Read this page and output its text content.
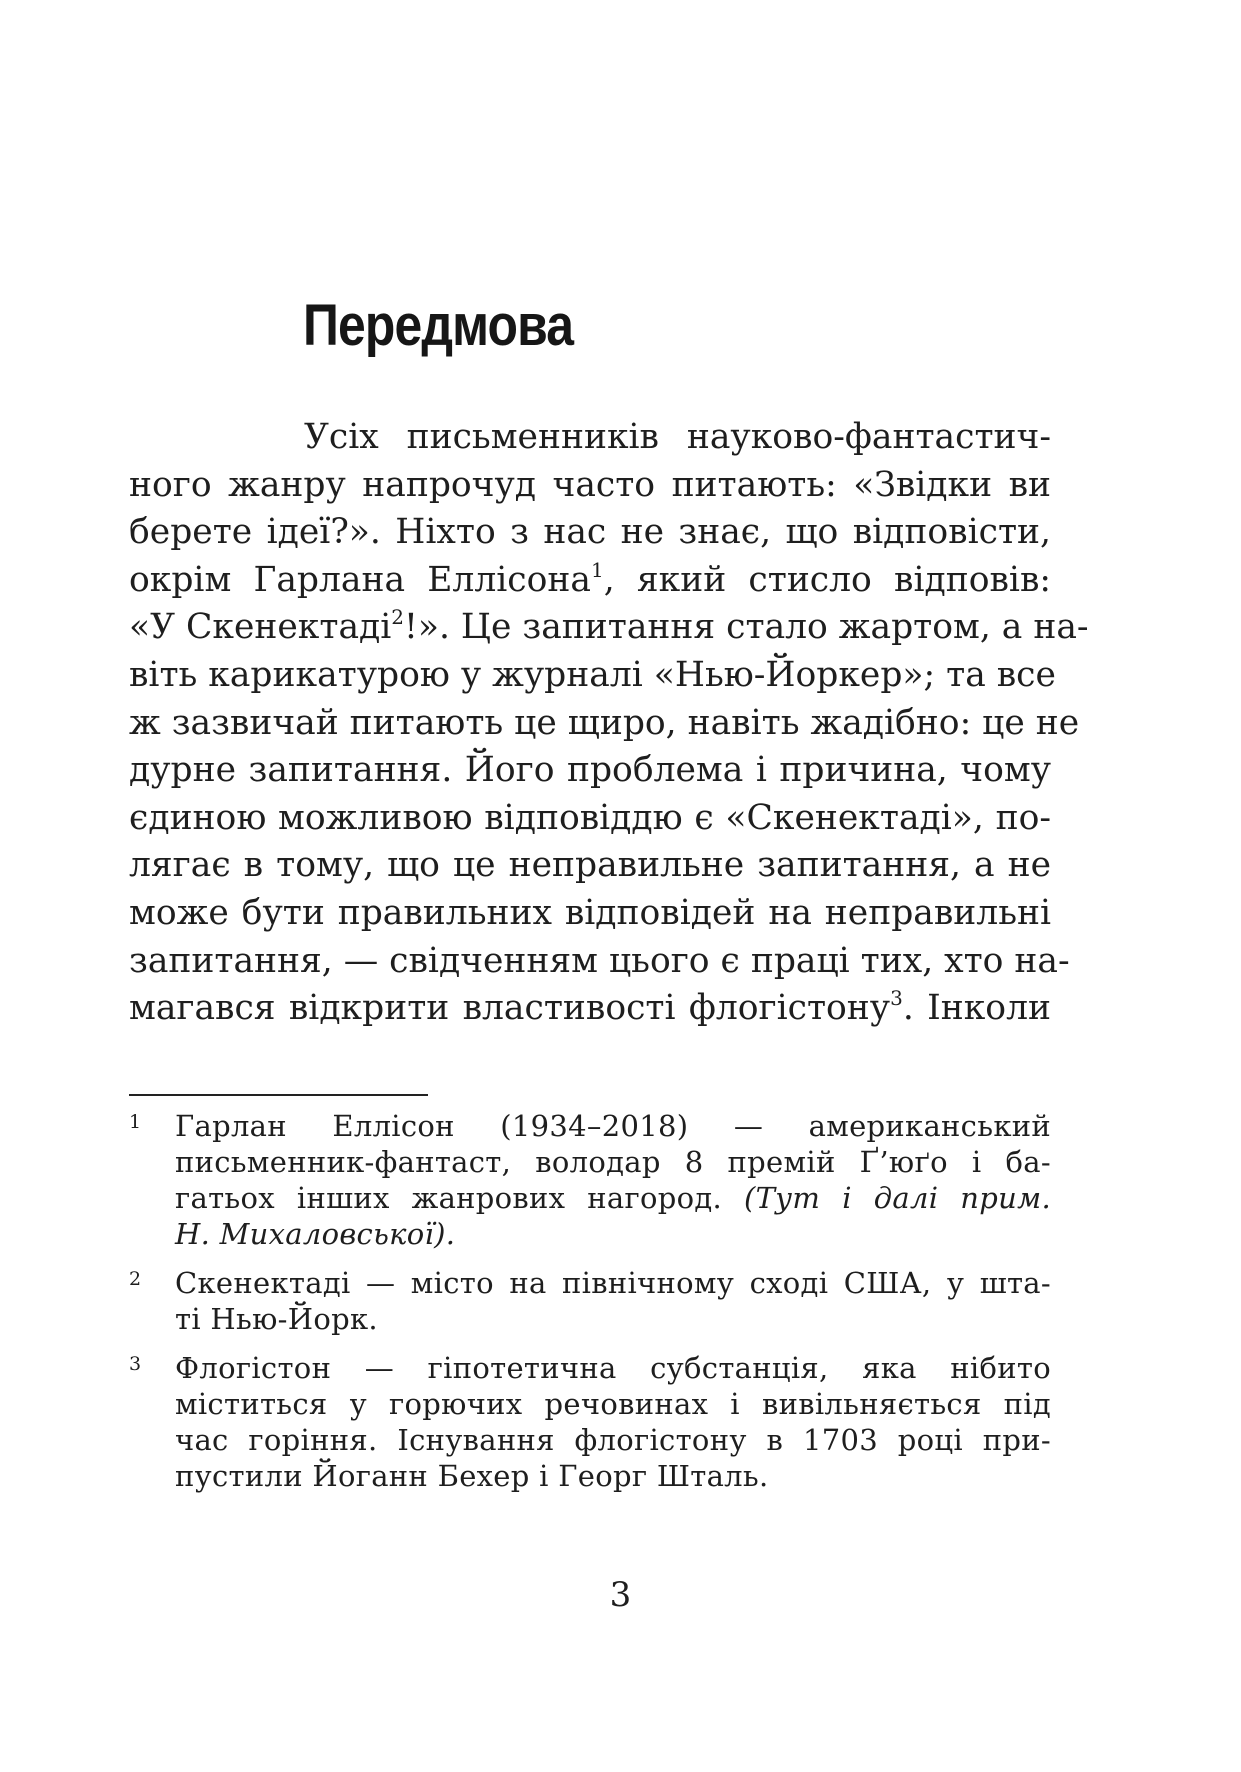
Передмова
Усіх письменників науково-фантастич-
ного жанру напрочуд часто питають: «Звідки ви
берете ідеї?». Ніхто з нас не знає, що відповісти,
окрім Гарлана Еллісона$^1$, який стисло відповів:
«У Скенектаді$^2$!». Це запитання стало жартом, а на-
віть карикатурою у журналі «Нью-Йоркер»; та все
ж зазвичай питають це щиро, навіть жадібно: це не
дурне запитання. Його проблема і причина, чому
єдиною можливою відповіддю є «Скенектаді», по-
лягає в тому, що це неправильне запитання, а не
може бути правильних відповідей на неправильні
запитання, — свідченням цього є праці тих, хто на-
магався відкрити властивості флогістону$^3$. Інколи
1 Гарлан Еллісон (1934–2018) — американський
письменник-фантаст, володар 8 премій Ґ’юґо і ба-
гатьох інших жанрових нагород. (Тут і далі прим.
Н. Михаловської).
2 Скенектаді — місто на північному сході США, у шта-
ті Нью-Йорк.
3 Флогістон — гіпотетична субстанція, яка нібито
міститься у горючих речовинах і вивільняється під
час горіння. Існування флогістону в 1703 році при-
пустили Йоганн Бехер і Георг Шталь.
3
